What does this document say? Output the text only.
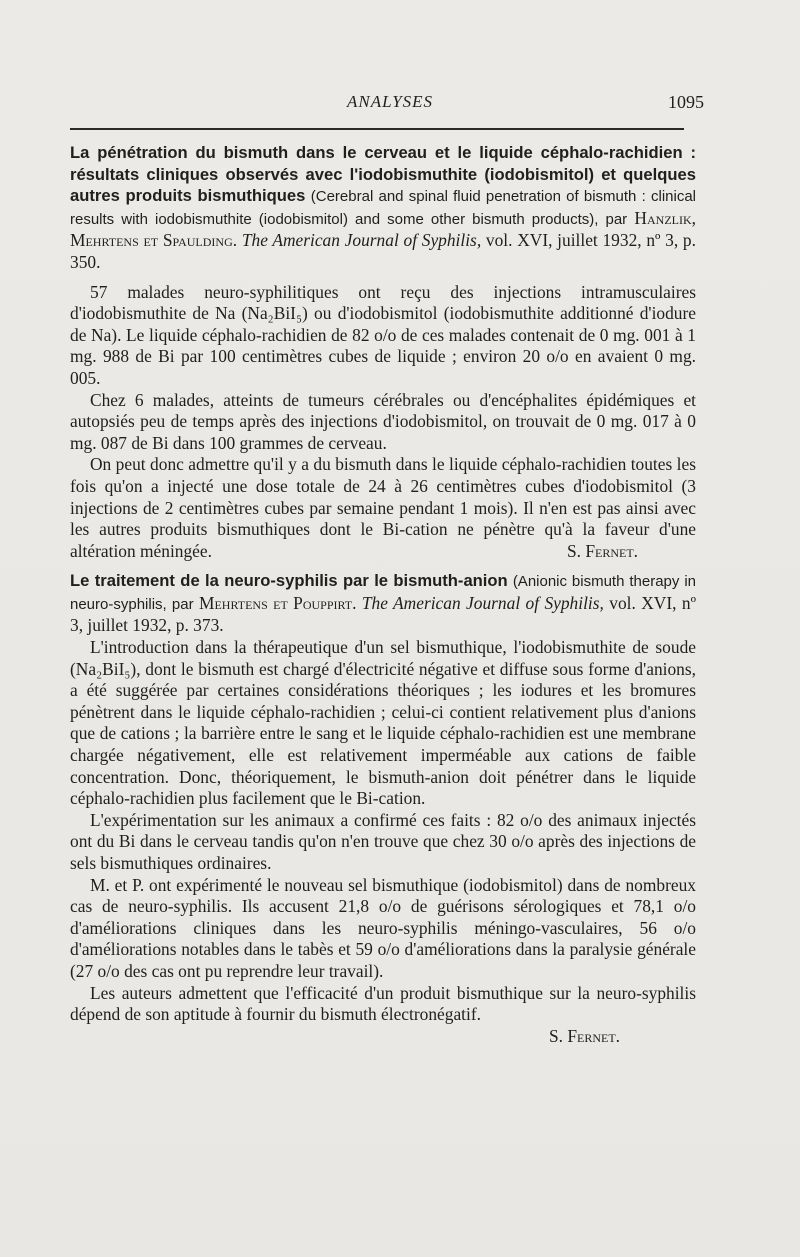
ANALYSES	1095

La pénétration du bismuth dans le cerveau et le liquide céphalo-rachidien : résultats cliniques observés avec l'iodobismuthite (iodobismitol) et quelques autres produits bismuthiques (Cerebral and spinal fluid penetration of bismuth : clinical results with iodobismuthite (iodobismitol) and some other bismuth products), par Hanzlik, Mehrtens et Spaulding. The American Journal of Syphilis, vol. XVI, juillet 1932, nº 3, p. 350.

57 malades neuro-syphilitiques ont reçu des injections intramusculaires d'iodobismuthite de Na (Na₂BiI₅) ou d'iodobismitol (iodobismuthite additionné d'iodure de Na). Le liquide céphalo-rachidien de 82 o/o de ces malades contenait de 0 mg. 001 à 1 mg. 988 de Bi par 100 centimètres cubes de liquide ; environ 20 o/o en avaient 0 mg. 005.

Chez 6 malades, atteints de tumeurs cérébrales ou d'encéphalites épidémiques et autopsiés peu de temps après des injections d'iodobismitol, on trouvait de 0 mg. 017 à 0 mg. 087 de Bi dans 100 grammes de cerveau.

On peut donc admettre qu'il y a du bismuth dans le liquide céphalo-rachidien toutes les fois qu'on a injecté une dose totale de 24 à 26 centimètres cubes d'iodobismitol (3 injections de 2 centimètres cubes par semaine pendant 1 mois). Il n'en est pas ainsi avec les autres produits bismuthiques dont le Bi-cation ne pénètre qu'à la faveur d'une altération méningée.	S. Fernet.

Le traitement de la neuro-syphilis par le bismuth-anion (Anionic bismuth therapy in neuro-syphilis, par Mehrtens et Pouppirt. The American Journal of Syphilis, vol. XVI, nº 3, juillet 1932, p. 373.

L'introduction dans la thérapeutique d'un sel bismuthique, l'iodobismuthite de soude (Na₂BiI₅), dont le bismuth est chargé d'électricité négative et diffuse sous forme d'anions, a été suggérée par certaines considérations théoriques ; les iodures et les bromures pénètrent dans le liquide céphalo-rachidien ; celui-ci contient relativement plus d'anions que de cations ; la barrière entre le sang et le liquide céphalo-rachidien est une membrane chargée négativement, elle est relativement imperméable aux cations de faible concentration. Donc, théoriquement, le bismuth-anion doit pénétrer dans le liquide céphalo-rachidien plus facilement que le Bi-cation.

L'expérimentation sur les animaux a confirmé ces faits : 82 o/o des animaux injectés ont du Bi dans le cerveau tandis qu'on n'en trouve que chez 30 o/o après des injections de sels bismuthiques ordinaires.

M. et P. ont expérimenté le nouveau sel bismuthique (iodobismitol) dans de nombreux cas de neuro-syphilis. Ils accusent 21,8 o/o de guérisons sérologiques et 78,1 o/o d'améliorations cliniques dans les neuro-syphilis méningo-vasculaires, 56 o/o d'améliorations notables dans le tabès et 59 o/o d'améliorations dans la paralysie générale (27 o/o des cas ont pu reprendre leur travail).

Les auteurs admettent que l'efficacité d'un produit bismuthique sur la neuro-syphilis dépend de son aptitude à fournir du bismuth électronégatif.

S. Fernet.
